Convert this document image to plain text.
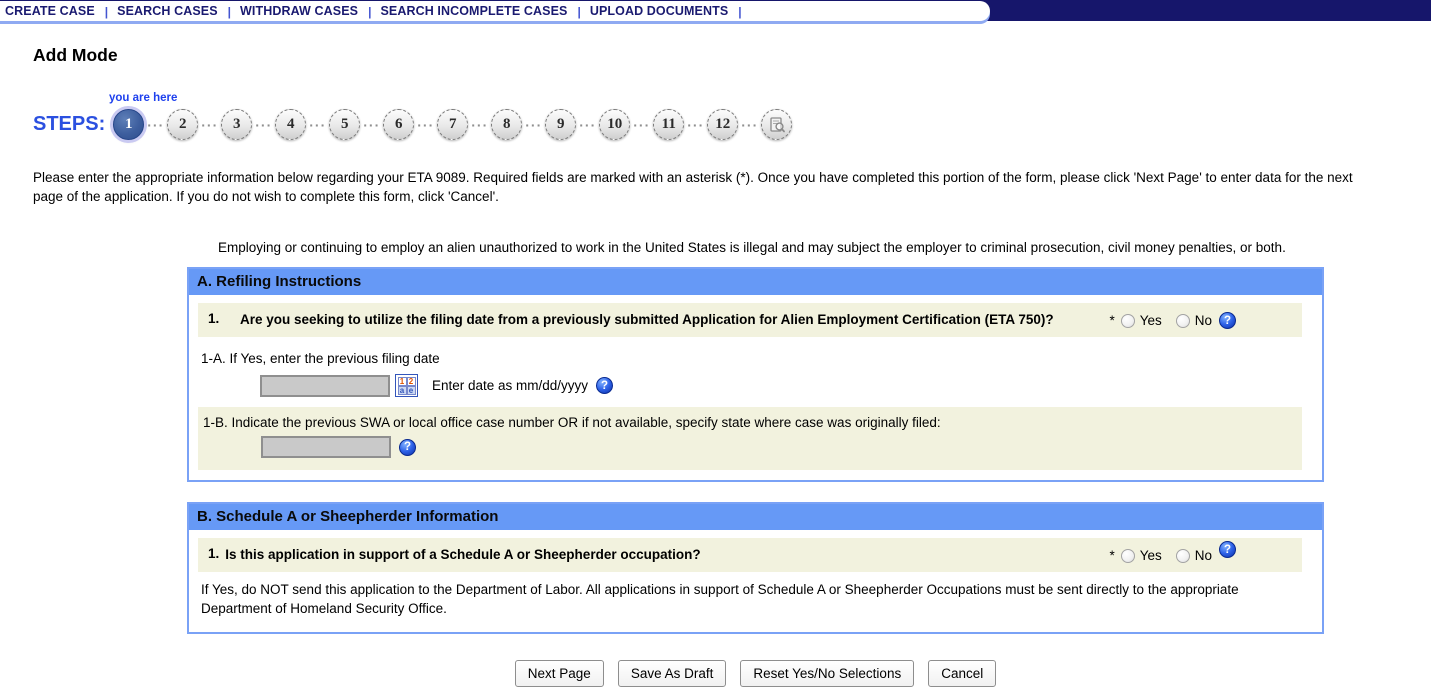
CREATE CASE | SEARCH CASES | WITHDRAW CASES | SEARCH INCOMPLETE CASES | UPLOAD DOCUMENTS |
Add Mode
you are here
STEPS:	1	··· 2	··· 3	··· 4	··· 5	··· 6	··· 7	··· 8	··· 9	··· 10 ··· 11 ··· 12 ···
Please enter the appropriate information below regarding your ETA 9089. Required fields are marked with an asterisk (*). Once you have completed this portion of the form, please click 'Next Page' to enter data for the next
page of the application. If you do not wish to complete this form, click 'Cancel'.
Employing or continuing to employ an alien unauthorized to work in the United States is illegal and may subject the employer to criminal prosecution, civil money penalties, or both.
A. Refiling Instructions
1.	Are you seeking to utilize the filing date from a previously submitted Application for Alien Employment Certification (ETA 750)?	* Yes No	?
1-A. If Yes, enter the previous filing date
1 2
a e Enter date as mm/dd/yyyy	?
1-B. Indicate the previous SWA or local office case number OR if not available, specify state where case was originally filed:
?
B. Schedule A or Sheepherder Information
1. Is this application in support of a Schedule A or Sheepherder occupation?	* Yes No	?
If Yes, do NOT send this application to the Department of Labor. All applications in support of Schedule A or Sheepherder Occupations must be sent directly to the appropriate Department of Homeland Security Office.
Next Page	Save As Draft	Reset Yes/No Selections	Cancel
